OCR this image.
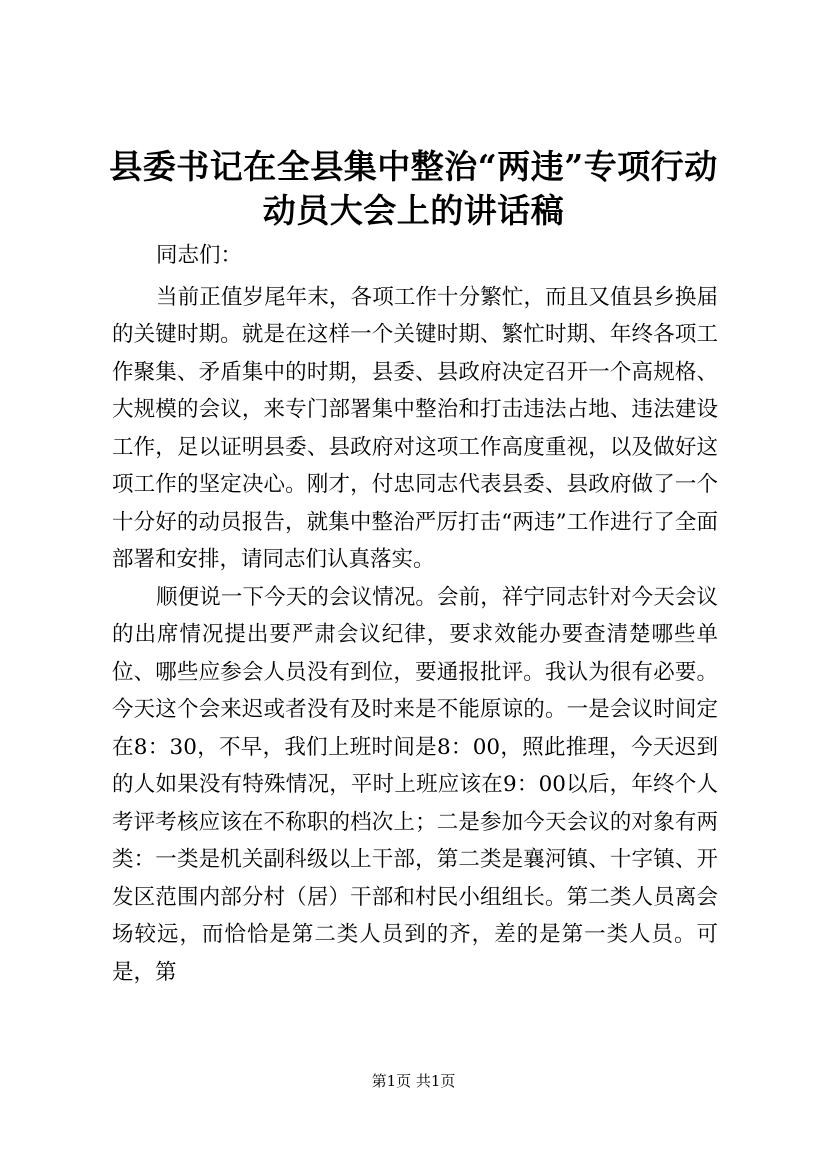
县委书记在全县集中整治“两违”专项行动动员大会上的讲话稿

同志们：

当前正值岁尾年末，各项工作十分繁忙，而且又值县乡换届的关键时期。就是在这样一个关键时期、繁忙时期、年终各项工作聚集、矛盾集中的时期，县委、县政府决定召开一个高规格、大规模的会议，来专门部署集中整治和打击违法占地、违法建设工作，足以证明县委、县政府对这项工作高度重视，以及做好这项工作的坚定决心。刚才，付忠同志代表县委、县政府做了一个十分好的动员报告，就集中整治严厉打击“两违”工作进行了全面部署和安排，请同志们认真落实。

顺便说一下今天的会议情况。会前，祥宁同志针对今天会议的出席情况提出要严肃会议纪律，要求效能办要查清楚哪些单位、哪些应参会人员没有到位，要通报批评。我认为很有必要。今天这个会来迟或者没有及时来是不能原谅的。一是会议时间定在8：30，不早，我们上班时间是8：00，照此推理，今天迟到的人如果没有特殊情况，平时上班应该在9：00以后，年终个人考评考核应该在不称职的档次上；二是参加今天会议的对象有两类：一类是机关副科级以上干部，第二类是襄河镇、十字镇、开发区范围内部分村（居）干部和村民小组组长。第二类人员离会场较远，而恰恰是第二类人员到的齐，差的是第一类人员。可是，第

第1页 共1页
